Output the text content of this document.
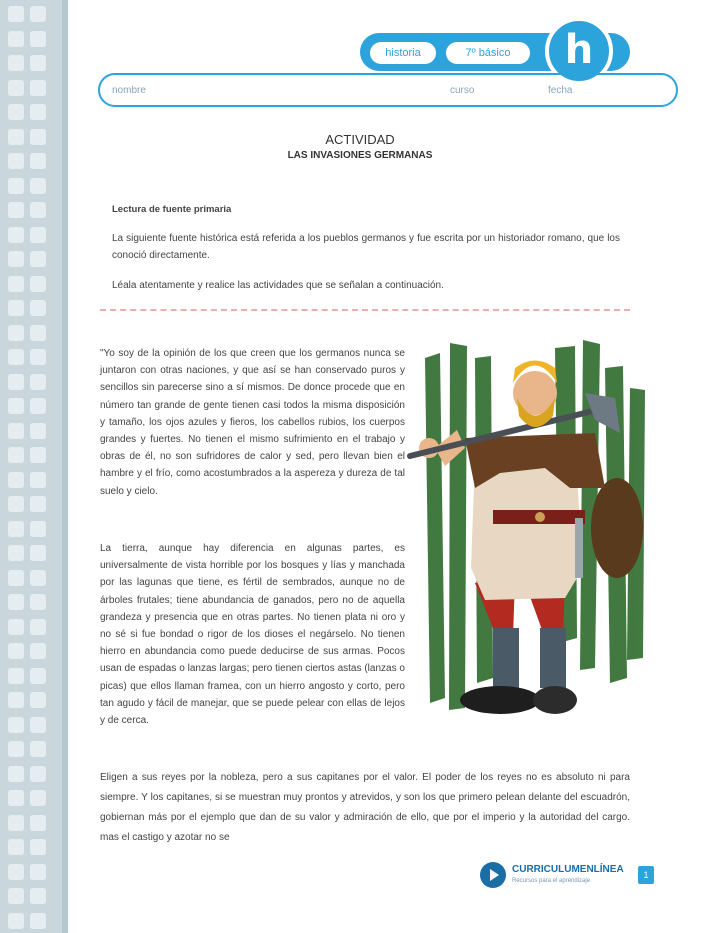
historia	7º básico	h
nombre	curso	fecha
ACTIVIDAD
LAS INVASIONES GERMANAS
Lectura de fuente primaria
La siguiente fuente histórica está referida a los pueblos germanos y fue escrita por un historiador romano, que los conoció directamente.
Léala atentamente y realice las actividades que se señalan a continuación.
"Yo soy de la opinión de los que creen que los germanos nunca se juntaron con otras naciones, y que así se han conservado puros y sencillos sin parecerse sino a sí mismos. De donce procede que en número tan grande de gente tienen casi todos la misma disposición y tamaño, los ojos azules y fieros, los cabellos rubios, los cuerpos grandes y fuertes. No tienen el mismo sufrimiento en el trabajo y obras de él, no son sufridores de calor y sed, pero llevan bien el hambre y el frío, como acostumbrados a la aspereza y dureza de tal suelo y cielo.
La tierra, aunque hay diferencia en algunas partes, es universalmente de vista horrible por los bosques y lías y manchada por las lagunas que tiene, es fértil de sembrados, aunque no de árboles frutales; tiene abundancia de ganados, pero no de aquella grandeza y presencia que en otras partes. No tienen plata ni oro y no sé si fue bondad o rigor de los dioses el negárselo. No tienen hierro en abundancia como puede deducirse de sus armas. Pocos usan de espadas o lanzas largas; pero tienen ciertos astas (lanzas o picas) que ellos llaman framea, con un hierro angosto y corto, pero tan agudo y fácil de manejar, que se puede pelear con ellas de lejos y de cerca.
Eligen a sus reyes por la nobleza, pero a sus capitanes por el valor. El poder de los reyes no es absoluto ni para siempre. Y los capitanes, si se muestran muy prontos y atrevidos, y son los que primero pelean delante del escuadrón, gobiernan más por el ejemplo que dan de su valor y admiración de ello, que por el imperio y la autoridad del cargo. mas el castigo y azotar no se
CURRICULUMENLÍNEA
Recursos para el aprendizaje
1
